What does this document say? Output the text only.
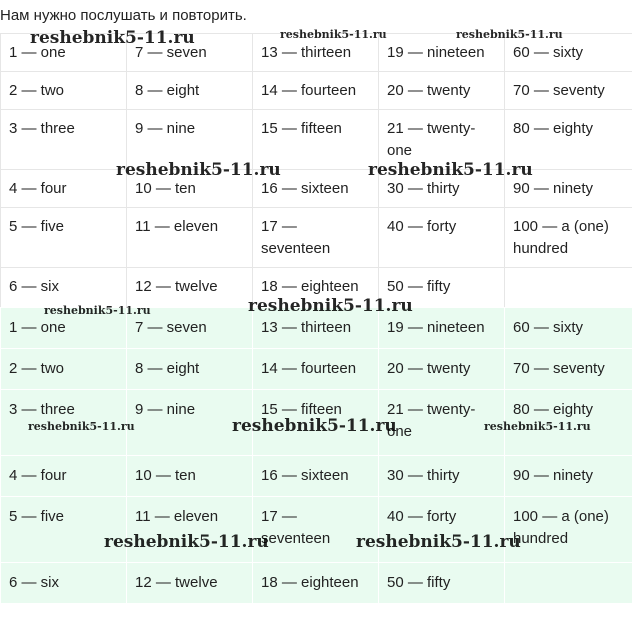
Нам нужно послушать и повторить.
1 — one	7 — seven	13 — thirteen	19 — nineteen	60 — sixty
2 — two	8 — eight	14 — fourteen	20 — twenty	70 — seventy
3 — three	9 — nine	15 — fifteen	21 — twenty-one	80 — eighty
4 — four	10 — ten	16 — sixteen	30 — thirty	90 — ninety
5 — five	11 — eleven	17 — seventeen	40 — forty	100 — a (one) hundred
6 — six	12 — twelve	18 — eighteen	50 — fifty	
1 — one	7 — seven	13 — thirteen	19 — nineteen	60 — sixty
2 — two	8 — eight	14 — fourteen	20 — twenty	70 — seventy
3 — three	9 — nine	15 — fifteen	21 — twenty-one	80 — eighty
4 — four	10 — ten	16 — sixteen	30 — thirty	90 — ninety
5 — five	11 — eleven	17 — seventeen	40 — forty	100 — a (one) hundred
6 — six	12 — twelve	18 — eighteen	50 — fifty	
reshebnik5-11.ru	reshebnik5-11.ru	reshebnik5-11.ru
reshebnik5-11.ru	reshebnik5-11.ru
reshebnik5-11.ru	reshebnik5-11.ru
reshebnik5-11.ru	reshebnik5-11.ru	reshebnik5-11.ru
reshebnik5-11.ru	reshebnik5-11.ru
